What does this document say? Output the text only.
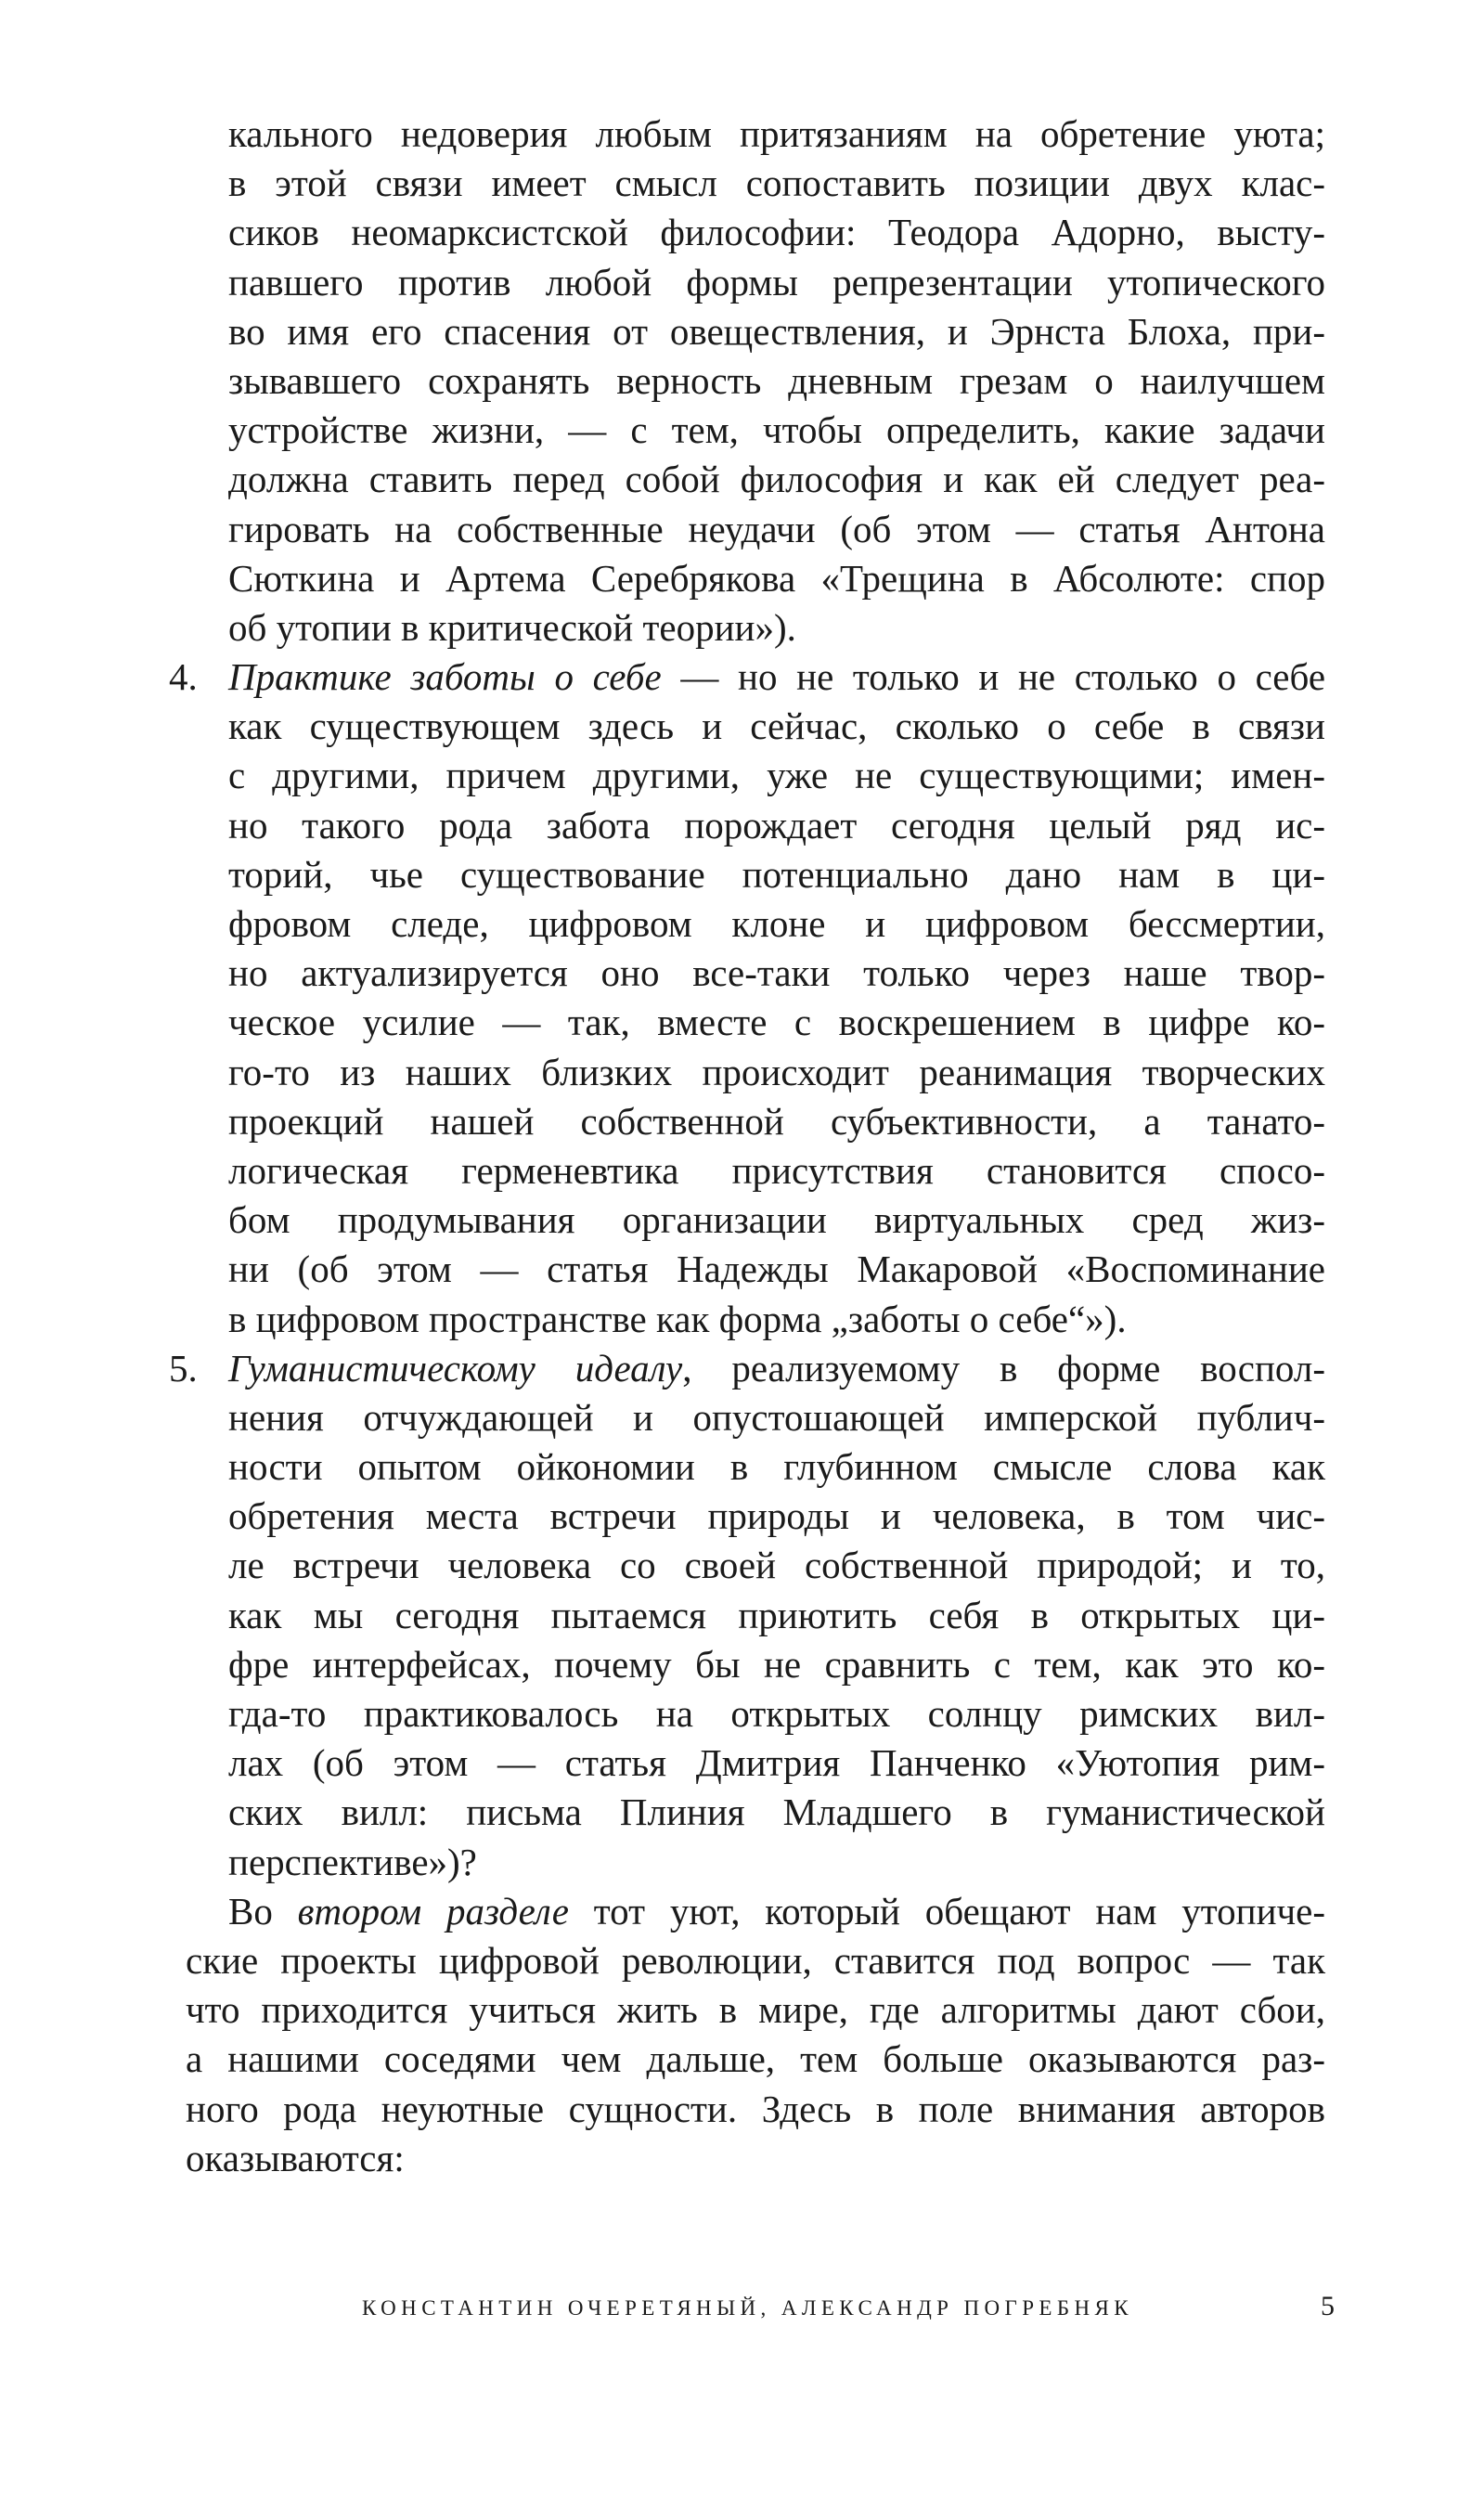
кального недоверия любым притязаниям на обретение уюта;
в этой связи имеет смысл сопоставить позиции двух клас-
сиков неомарксистской философии: Теодора Адорно, высту-
павшего против любой формы репрезентации утопического
во имя его спасения от овеществления, и Эрнста Блоха, при-
зывавшего сохранять верность дневным грезам о наилучшем
устройстве жизни, — с тем, чтобы определить, какие задачи
должна ставить перед собой философия и как ей следует реа-
гировать на собственные неудачи (об этом — статья Антона
Сюткина и Артема Серебрякова «Трещина в Абсолюте: спор
об утопии в критической теории»).
4. Практике заботы о себе — но не только и не столько о себе
как существующем здесь и сейчас, сколько о себе в связи
с другими, причем другими, уже не существующими; имен-
но такого рода забота порождает сегодня целый ряд ис-
торий, чье существование потенциально дано нам в ци-
фровом следе, цифровом клоне и цифровом бессмертии,
но актуализируется оно все-таки только через наше твор-
ческое усилие — так, вместе с воскрешением в цифре ко-
го-то из наших близких происходит реанимация творческих
проекций нашей собственной субъективности, а танато-
логическая герменевтика присутствия становится спосо-
бом продумывания организации виртуальных сред жиз-
ни (об этом — статья Надежды Макаровой «Воспоминание
в цифровом пространстве как форма „заботы о себе“»).
5. Гуманистическому идеалу, реализуемому в форме воспол-
нения отчуждающей и опустошающей имперской публич-
ности опытом ойкономии в глубинном смысле слова как
обретения места встречи природы и человека, в том чис-
ле встречи человека со своей собственной природой; и то,
как мы сегодня пытаемся приютить себя в открытых ци-
фре интерфейсах, почему бы не сравнить с тем, как это ко-
гда-то практиковалось на открытых солнцу римских вил-
лах (об этом — статья Дмитрия Панченко «Уютопия рим-
ских вилл: письма Плиния Младшего в гуманистической
перспективе»)?
Во втором разделе тот уют, который обещают нам утопиче-
ские проекты цифровой революции, ставится под вопрос — так
что приходится учиться жить в мире, где алгоритмы дают сбои,
а нашими соседями чем дальше, тем больше оказываются раз-
ного рода неуютные сущности. Здесь в поле внимания авторов
оказываются:
КОНСТАНТИН ОЧЕРЕТЯНЫЙ, АЛЕКСАНДР ПОГРЕБНЯК	5
